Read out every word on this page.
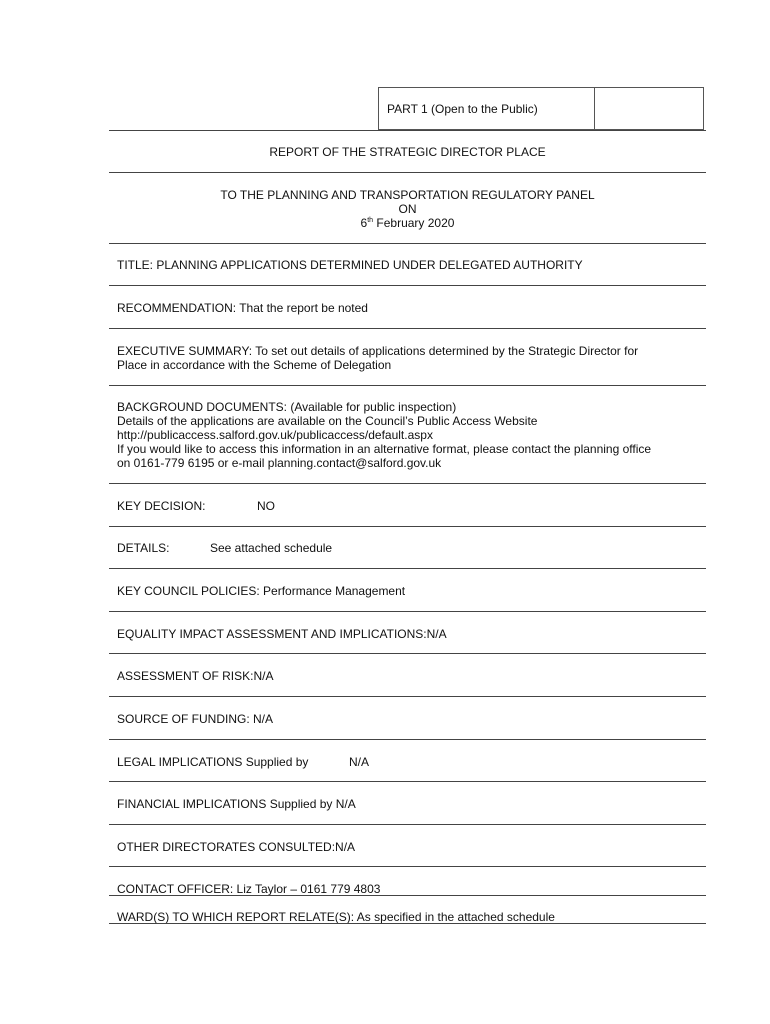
PART 1 (Open to the Public)
REPORT OF THE STRATEGIC DIRECTOR PLACE

TO THE PLANNING AND TRANSPORTATION REGULATORY PANEL

ON

6th February 2020

TITLE: PLANNING APPLICATIONS DETERMINED UNDER DELEGATED AUTHORITY
RECOMMENDATION: That the report be noted

EXECUTIVE SUMMARY: To set out details of applications determined by the Strategic Director for

Place in accordance with the Scheme of Delegation

BACKGROUND DOCUMENTS: (Available for public inspection)

Details of the applications are available on the Council’s Public Access Website

http://publicaccess.salford.gov.uk/publicaccess/default.aspx

If you would like to access this information in an alternative format, please contact the planning office

on 0161-779 6195 or e-mail planning.contact@salford.gov.uk

KEY DECISION:	NO
DETAILS:	See attached schedule
KEY COUNCIL POLICIES: Performance Management
EQUALITY IMPACT ASSESSMENT AND IMPLICATIONS:N/A
ASSESSMENT OF RISK:N/A
SOURCE OF FUNDING: N/A
LEGAL IMPLICATIONS Supplied by	N/A
FINANCIAL IMPLICATIONS Supplied by N/A
OTHER DIRECTORATES CONSULTED:N/A
CONTACT OFFICER: Liz Taylor – 0161 779 4803
WARD(S) TO WHICH REPORT RELATE(S): As specified in the attached schedule
